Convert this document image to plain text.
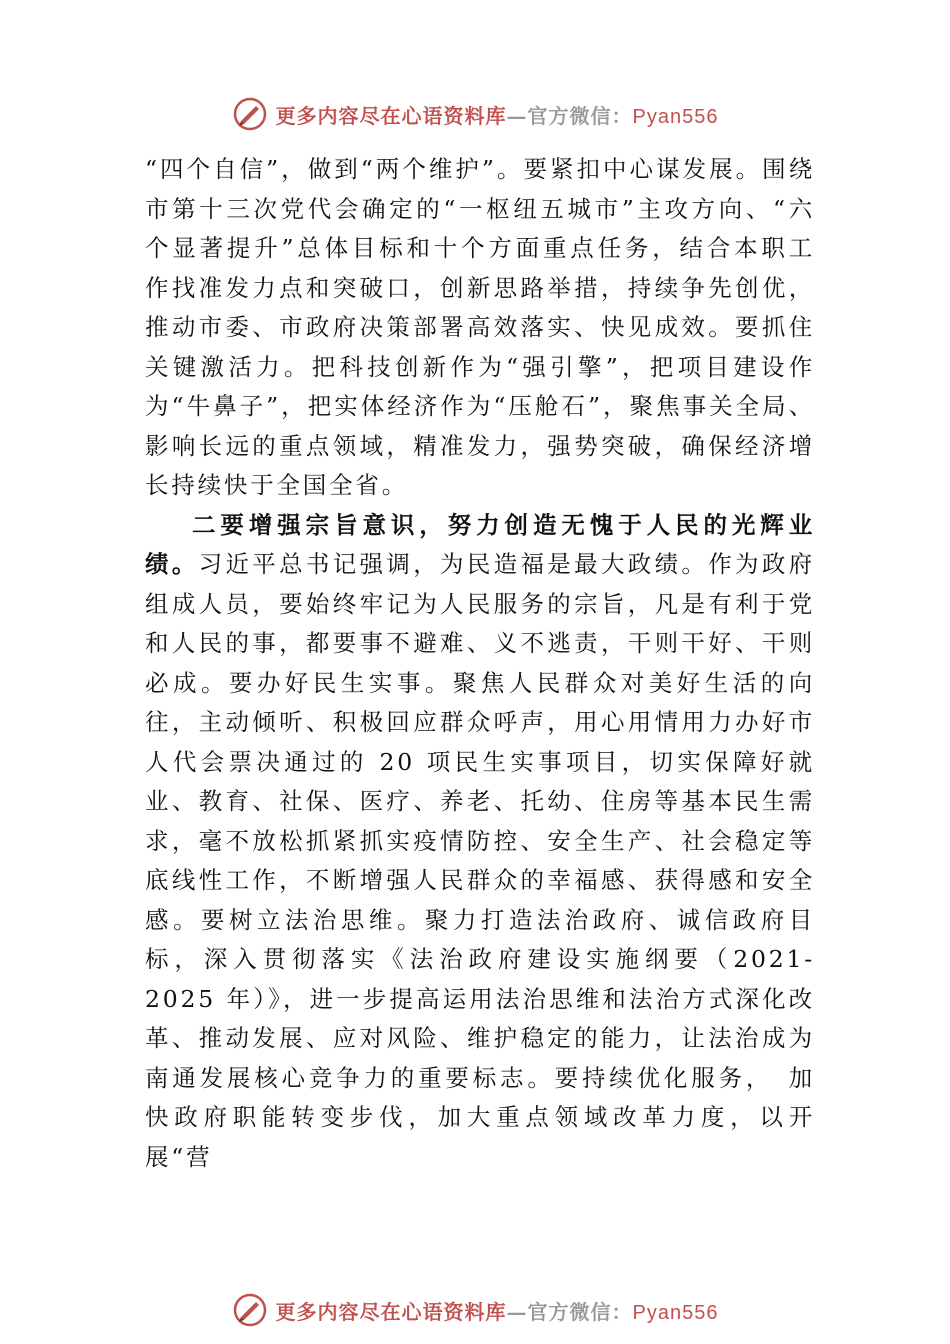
更多内容尽在心语资料库—官方微信：Pyan556

“四个自信”，做到“两个维护”。要紧扣中心谋发展。围绕市第十三次党代会确定的“一枢纽五城市”主攻方向、“六个显著提升”总体目标和十个方面重点任务，结合本职工作找准发力点和突破口，创新思路举措，持续争先创优，推动市委、市政府决策部署高效落实、快见成效。要抓住关键激活力。把科技创新作为“强引擎”，把项目建设作为“牛鼻子”，把实体经济作为“压舱石”，聚焦事关全局、影响长远的重点领域，精准发力，强势突破，确保经济增长持续快于全国全省。

二要增强宗旨意识，努力创造无愧于人民的光辉业绩。习近平总书记强调，为民造福是最大政绩。作为政府组成人员，要始终牢记为人民服务的宗旨，凡是有利于党和人民的事，都要事不避难、义不逃责，干则干好、干则必成。要办好民生实事。聚焦人民群众对美好生活的向往，主动倾听、积极回应群众呼声，用心用情用力办好市人代会票决通过的 20 项民生实事项目，切实保障好就业、教育、社保、医疗、养老、托幼、住房等基本民生需求，毫不放松抓紧抓实疫情防控、安全生产、社会稳定等底线性工作，不断增强人民群众的幸福感、获得感和安全感。要树立法治思维。聚力打造法治政府、诚信政府目标，深入贯彻落实《法治政府建设实施纲要（2021-2025 年）》，进一步提高运用法治思维和法治方式深化改革、推动发展、应对风险、维护稳定的能力，让法治成为南通发展核心竞争力的重要标志。要持续优化服务，　加快政府职能转变步伐，加大重点领域改革力度，以开展“营

更多内容尽在心语资料库—官方微信：Pyan556
